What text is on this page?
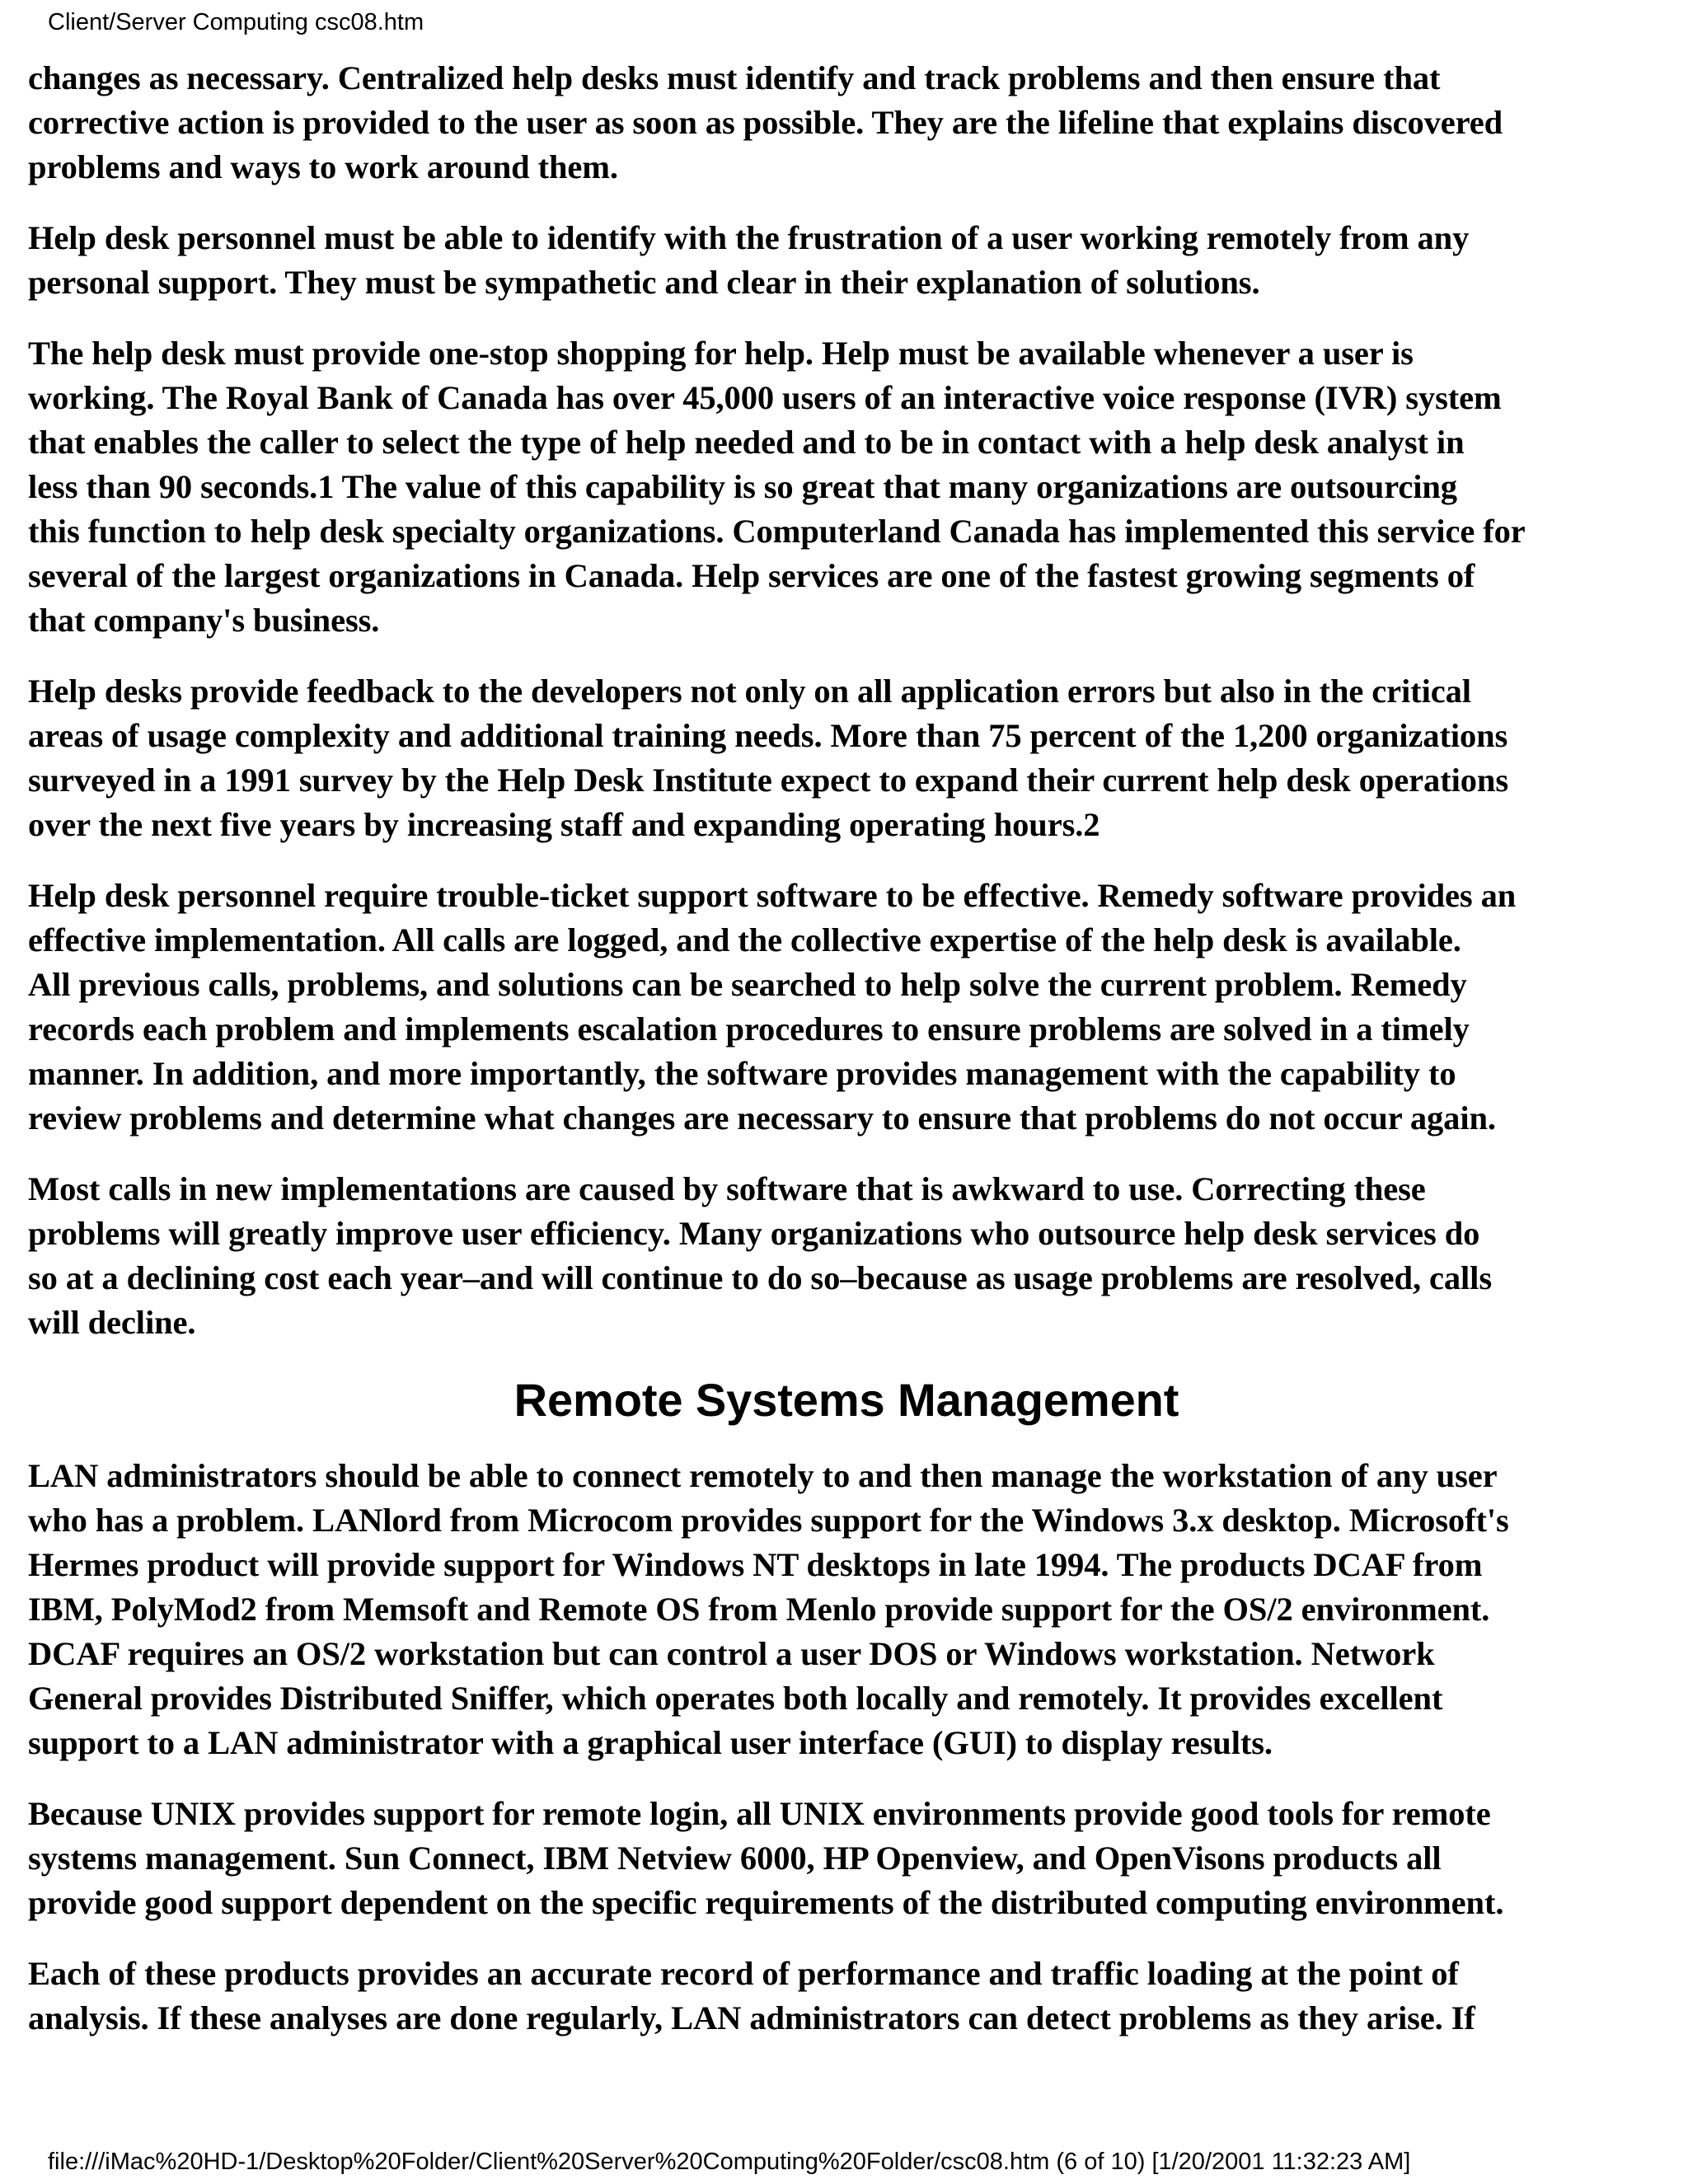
Client/Server Computing csc08.htm

changes as necessary. Centralized help desks must identify and track problems and then ensure that
corrective action is provided to the user as soon as possible. They are the lifeline that explains discovered
problems and ways to work around them.

Help desk personnel must be able to identify with the frustration of a user working remotely from any
personal support. They must be sympathetic and clear in their explanation of solutions.

The help desk must provide one-stop shopping for help. Help must be available whenever a user is
working. The Royal Bank of Canada has over 45,000 users of an interactive voice response (IVR) system
that enables the caller to select the type of help needed and to be in contact with a help desk analyst in
less than 90 seconds.1 The value of this capability is so great that many organizations are outsourcing
this function to help desk specialty organizations. Computerland Canada has implemented this service for
several of the largest organizations in Canada. Help services are one of the fastest growing segments of
that company's business.

Help desks provide feedback to the developers not only on all application errors but also in the critical
areas of usage complexity and additional training needs. More than 75 percent of the 1,200 organizations
surveyed in a 1991 survey by the Help Desk Institute expect to expand their current help desk operations
over the next five years by increasing staff and expanding operating hours.2

Help desk personnel require trouble-ticket support software to be effective. Remedy software provides an
effective implementation. All calls are logged, and the collective expertise of the help desk is available.
All previous calls, problems, and solutions can be searched to help solve the current problem. Remedy
records each problem and implements escalation procedures to ensure problems are solved in a timely
manner. In addition, and more importantly, the software provides management with the capability to
review problems and determine what changes are necessary to ensure that problems do not occur again.

Most calls in new implementations are caused by software that is awkward to use. Correcting these
problems will greatly improve user efficiency. Many organizations who outsource help desk services do
so at a declining cost each year–and will continue to do so–because as usage problems are resolved, calls
will decline.

Remote Systems Management

LAN administrators should be able to connect remotely to and then manage the workstation of any user
who has a problem. LANlord from Microcom provides support for the Windows 3.x desktop. Microsoft's
Hermes product will provide support for Windows NT desktops in late 1994. The products DCAF from
IBM, PolyMod2 from Memsoft and Remote OS from Menlo provide support for the OS/2 environment.
DCAF requires an OS/2 workstation but can control a user DOS or Windows workstation. Network
General provides Distributed Sniffer, which operates both locally and remotely. It provides excellent
support to a LAN administrator with a graphical user interface (GUI) to display results.

Because UNIX provides support for remote login, all UNIX environments provide good tools for remote
systems management. Sun Connect, IBM Netview 6000, HP Openview, and OpenVisons products all
provide good support dependent on the specific requirements of the distributed computing environment.

Each of these products provides an accurate record of performance and traffic loading at the point of
analysis. If these analyses are done regularly, LAN administrators can detect problems as they arise. If

file:///iMac%20HD-1/Desktop%20Folder/Client%20Server%20Computing%20Folder/csc08.htm (6 of 10) [1/20/2001 11:32:23 AM]
